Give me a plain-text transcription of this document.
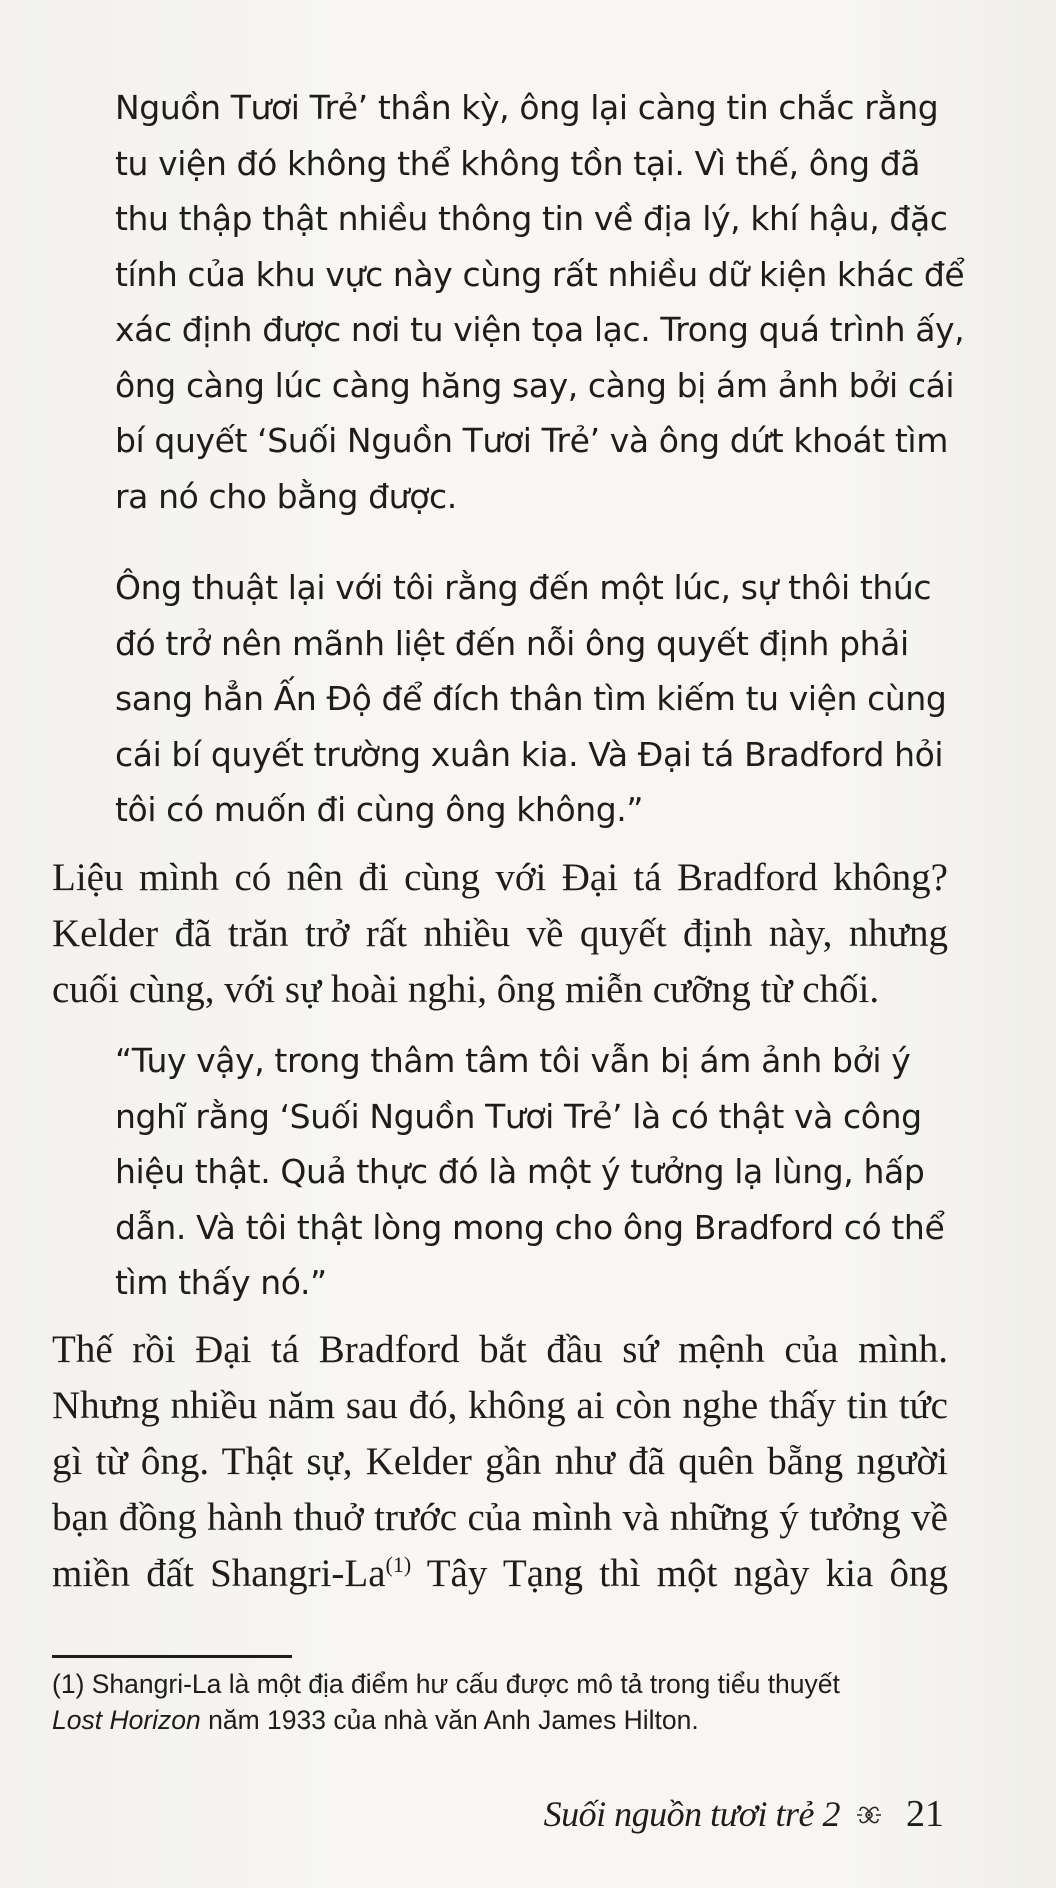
Nguồn Tươi Trẻ’ thần kỳ, ông lại càng tin chắc rằng
tu viện đó không thể không tồn tại. Vì thế, ông đã
thu thập thật nhiều thông tin về địa lý, khí hậu, đặc
tính của khu vực này cùng rất nhiều dữ kiện khác để
xác định được nơi tu viện tọa lạc. Trong quá trình ấy,
ông càng lúc càng hăng say, càng bị ám ảnh bởi cái
bí quyết ‘Suối Nguồn Tươi Trẻ’ và ông dứt khoát tìm
ra nó cho bằng được.

Ông thuật lại với tôi rằng đến một lúc, sự thôi thúc
đó trở nên mãnh liệt đến nỗi ông quyết định phải
sang hẳn Ấn Độ để đích thân tìm kiếm tu viện cùng
cái bí quyết trường xuân kia. Và Đại tá Bradford hỏi
tôi có muốn đi cùng ông không.”

Liệu mình có nên đi cùng với Đại tá Bradford không?
Kelder đã trăn trở rất nhiều về quyết định này, nhưng
cuối cùng, với sự hoài nghi, ông miễn cưỡng từ chối.

“Tuy vậy, trong thâm tâm tôi vẫn bị ám ảnh bởi ý
nghĩ rằng ‘Suối Nguồn Tươi Trẻ’ là có thật và công
hiệu thật. Quả thực đó là một ý tưởng lạ lùng, hấp
dẫn. Và tôi thật lòng mong cho ông Bradford có thể
tìm thấy nó.”

Thế rồi Đại tá Bradford bắt đầu sứ mệnh của mình.
Nhưng nhiều năm sau đó, không ai còn nghe thấy tin tức
gì từ ông. Thật sự, Kelder gần như đã quên bẵng người
bạn đồng hành thuở trước của mình và những ý tưởng về
miền đất Shangri-La$^{(1)}$ Tây Tạng thì một ngày kia ông

(1) Shangri-La là một địa điểm hư cấu được mô tả trong tiểu thuyết
Lost Horizon năm 1933 của nhà văn Anh James Hilton.

Suối nguồn tươi trẻ 2 21
